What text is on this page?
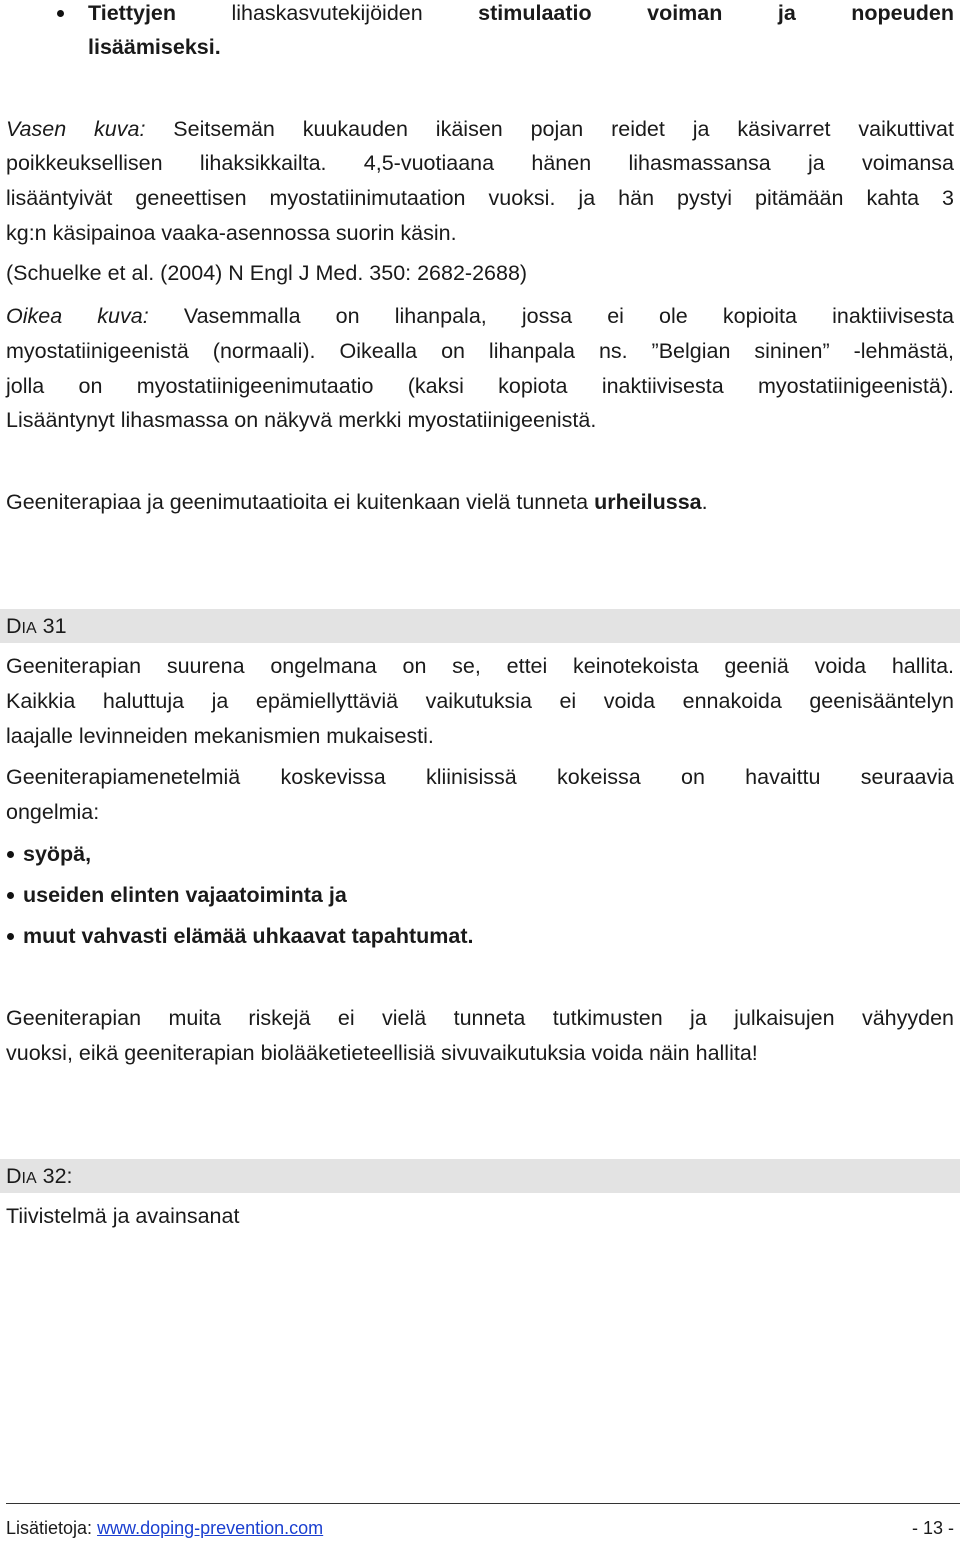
Tiettyjen	lihaskasvutekijöiden	stimulaatio	voiman	ja	nopeuden
lisäämiseksi.
Vasen kuva: Seitsemän kuukauden ikäisen pojan reidet ja käsivarret vaikuttivat
poikkeuksellisen lihaksikkailta. 4,5-vuotiaana hänen lihasmassansa ja voimansa
lisääntyivät geneettisen myostatiinimutaation vuoksi. ja hän pystyi pitämään kahta 3
kg:n käsipainoa vaaka-asennossa suorin käsin.
(Schuelke et al. (2004) N Engl J Med. 350: 2682-2688)
Oikea kuva: Vasemmalla on lihanpala, jossa ei ole kopioita inaktiivisesta
myostatiinigeenistä (normaali). Oikealla on lihanpala ns. ”Belgian sininen” -lehmästä,
jolla on myostatiinigeenimutaatio (kaksi kopiota inaktiivisesta myostatiinigeenistä).
Lisääntynyt lihasmassa on näkyvä merkki myostatiinigeenistä.
Geeniterapiaa ja geenimutaatioita ei kuitenkaan vielä tunneta urheilussa.
DIA 31
Geeniterapian suurena ongelmana on se, ettei keinotekoista geeniä voida hallita.
Kaikkia haluttuja ja epämiellyttäviä vaikutuksia ei voida ennakoida geenisääntelyn
laajalle levinneiden mekanismien mukaisesti.
Geeniterapiamenetelmiä koskevissa kliinisissä kokeissa on havaittu seuraavia
ongelmia:
syöpä,
useiden elinten vajaatoiminta ja
muut vahvasti elämää uhkaavat tapahtumat.
Geeniterapian muita riskejä ei vielä tunneta tutkimusten ja julkaisujen vähyyden
vuoksi, eikä geeniterapian biolääketieteellisiä sivuvaikutuksia voida näin hallita!
DIA 32:
Tiivistelmä ja avainsanat
Lisätietoja: www.doping-prevention.com	- 13 -
